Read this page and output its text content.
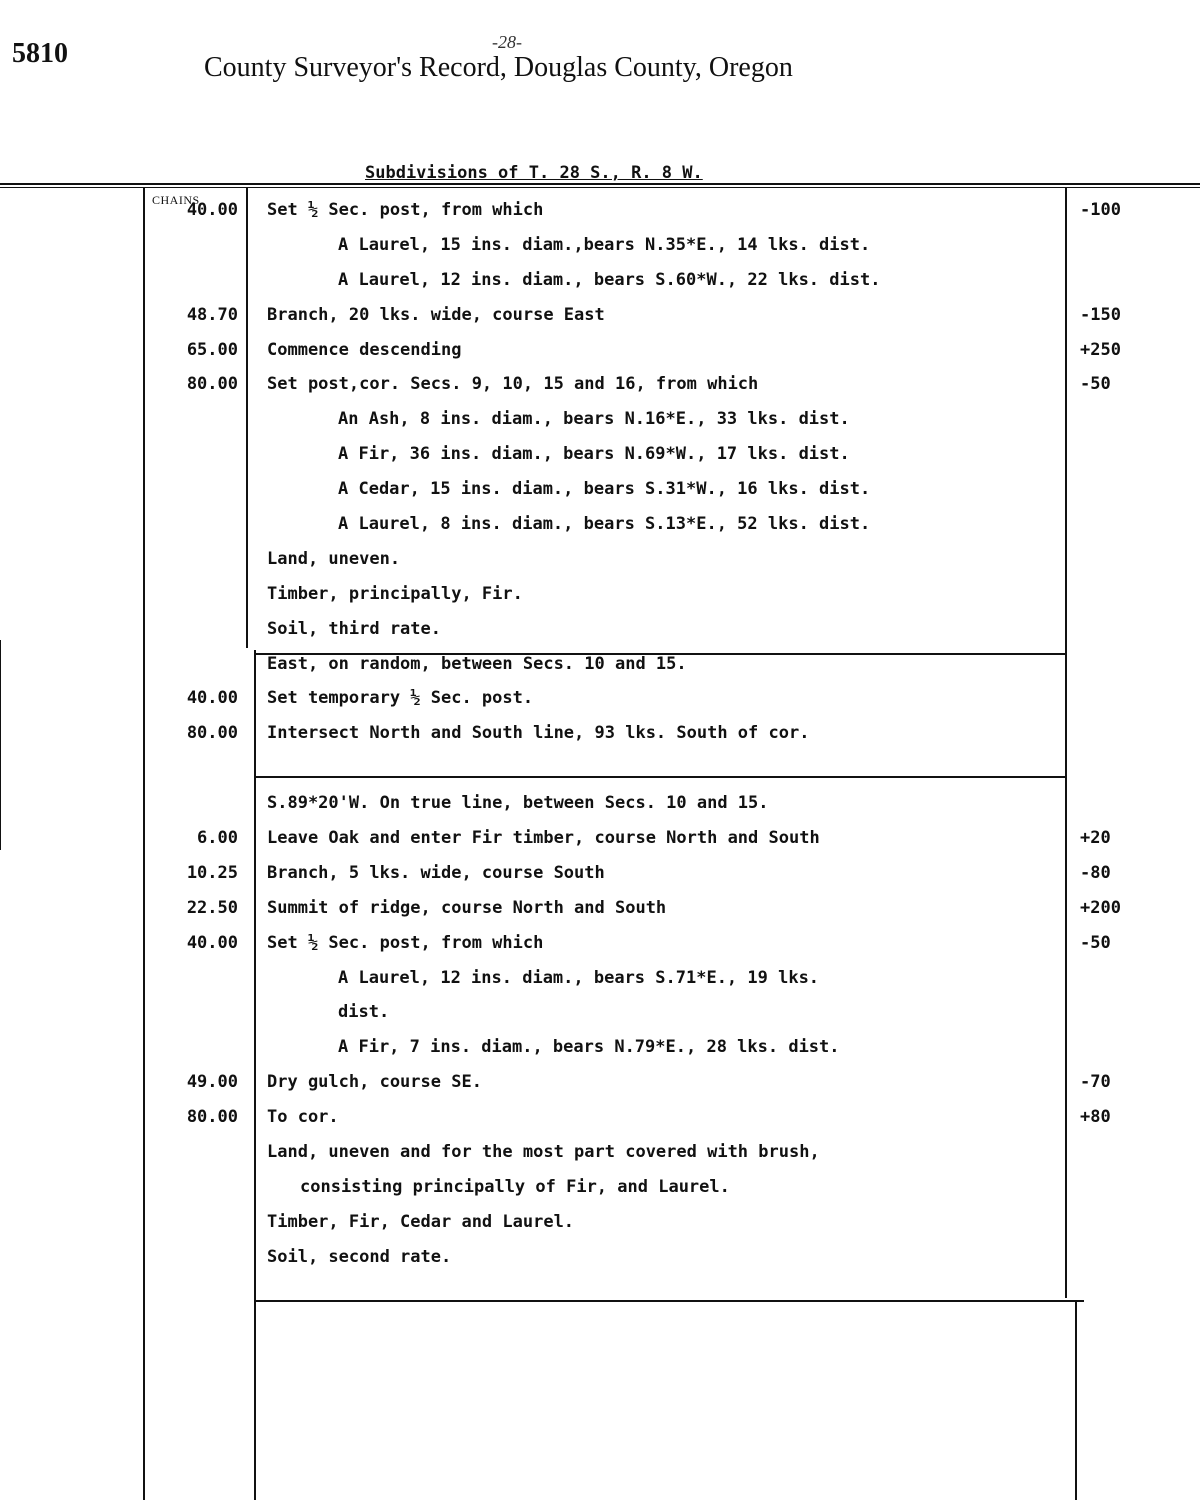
5810	-28-
County Surveyor's Record, Douglas County, Oregon
Subdivisions of T. 28 S., R. 8 W.
CHAINS
40.00 Set ½ Sec. post, from which	-100
A Laurel, 15 ins. diam.,bears N.35*E., 14 lks. dist.
A Laurel, 12 ins. diam., bears S.60*W., 22 lks. dist.
48.70 Branch, 20 lks. wide, course East	-150
65.00 Commence descending	+250
80.00 Set post,cor. Secs. 9, 10, 15 and 16, from which	-50
An Ash, 8 ins. diam., bears N.16*E., 33 lks. dist.
A Fir, 36 ins. diam., bears N.69*W., 17 lks. dist.
A Cedar, 15 ins. diam., bears S.31*W., 16 lks. dist.
A Laurel, 8 ins. diam., bears S.13*E., 52 lks. dist.
Land, uneven.
Timber, principally, Fir.
Soil, third rate.
East, on random, between Secs. 10 and 15.
40.00 Set temporary ½ Sec. post.
80.00 Intersect North and South line, 93 lks. South of cor.
S.89*20'W. On true line, between Secs. 10 and 15.
6.00 Leave Oak and enter Fir timber, course North and South	+20
10.25 Branch, 5 lks. wide, course South	-80
22.50 Summit of ridge, course North and South	+200
40.00 Set ½ Sec. post, from which	-50
A Laurel, 12 ins. diam., bears S.71*E., 19 lks.
dist.
A Fir, 7 ins. diam., bears N.79*E., 28 lks. dist.
49.00 Dry gulch, course SE.	-70
80.00 To cor.	+80
Land, uneven and for the most part covered with brush,
consisting principally of Fir, and Laurel.
Timber, Fir, Cedar and Laurel.
Soil, second rate.
